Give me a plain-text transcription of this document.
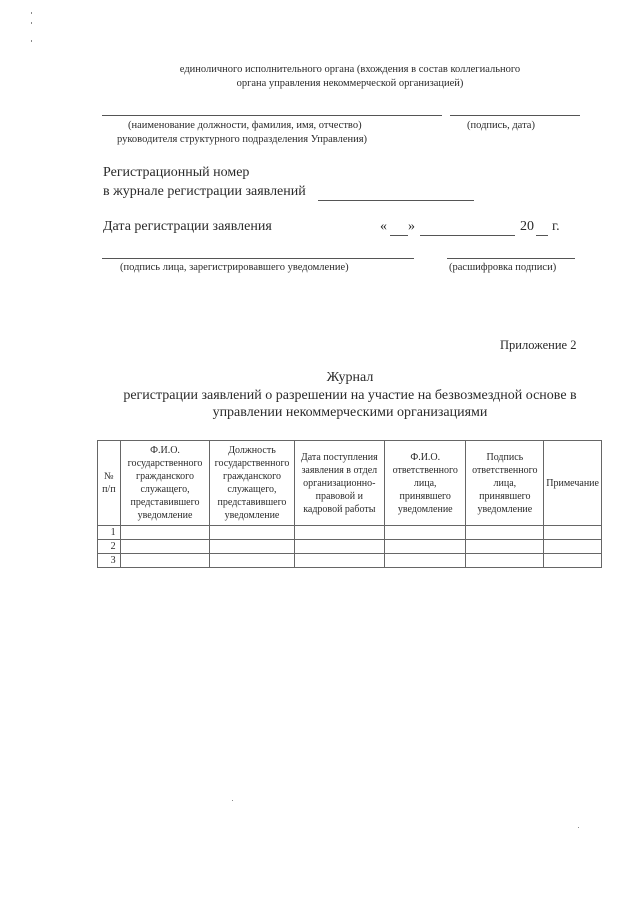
единоличного исполнительного органа (вхождения в состав коллегиального
органа управления некоммерческой организацией)
(наименование должности, фамилия, имя, отчество)	(подпись, дата)
руководителя структурного подразделения Управления)
Регистрационный номер
в журнале регистрации заявлений
Дата регистрации заявления	« »	20 г.
(подпись лица, зарегистрировавшего уведомление)	(расшифровка подписи)
Приложение 2
Журнал
регистрации заявлений о разрешении на участие на безвозмездной основе в
управлении некоммерческими организациями
№ п/п	Ф.И.О. государственного гражданского служащего, представившего уведомление	Должность государственного гражданского служащего, представившего уведомление	Дата поступления заявления в отдел организационно-правовой и кадровой работы	Ф.И.О. ответственного лица, принявшего уведомление	Подпись ответственного лица, принявшего уведомление	Примечание
1						
2						
3						
